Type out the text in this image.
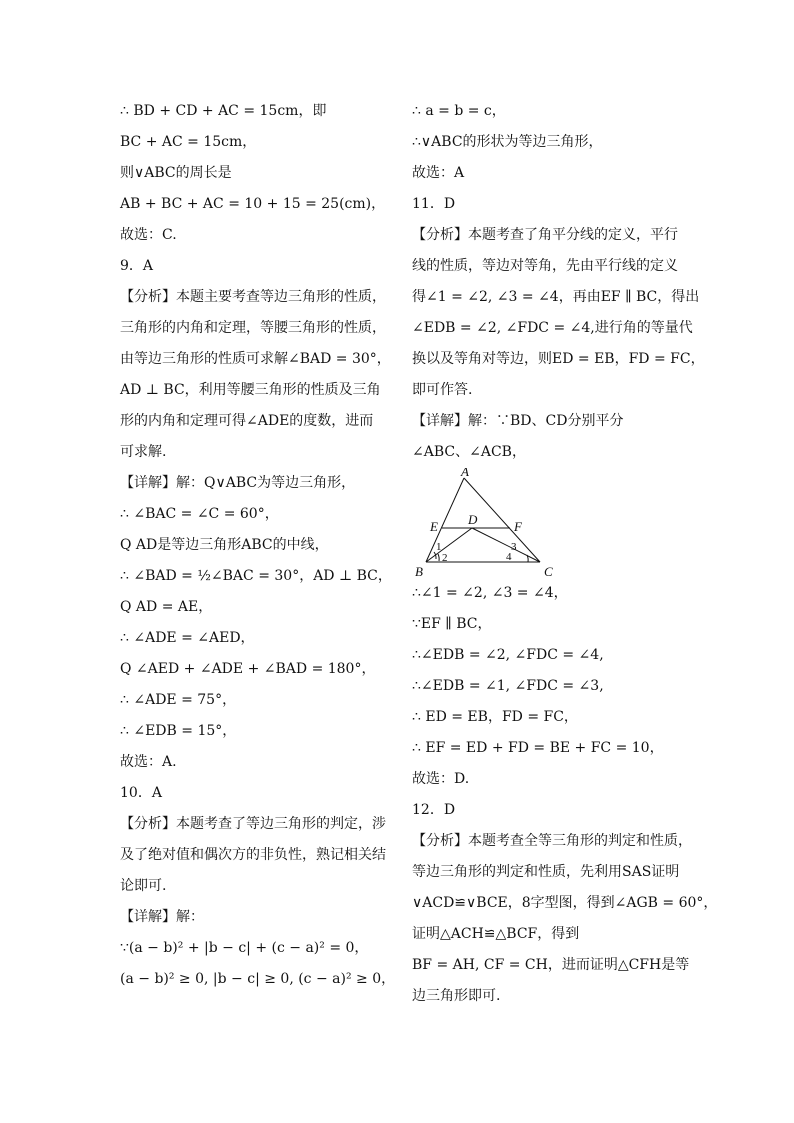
∴ BD + CD + AC = 15cm，即
BC + AC = 15cm，
则∨ABC的周长是
AB + BC + AC = 10 + 15 = 25(cm)，
故选：C.
9．A
【分析】本题主要考查等边三角形的性质，
三角形的内角和定理，等腰三角形的性质，
由等边三角形的性质可求解∠BAD = 30°，
AD ⊥ BC，利用等腰三角形的性质及三角
形的内角和定理可得∠ADE的度数，进而
可求解.
【详解】解：Q∨ABC为等边三角形，
∴ ∠BAC = ∠C = 60°，
Q AD是等边三角形ABC的中线，
∴ ∠BAD = ½∠BAC = 30°，AD ⊥ BC，
Q AD = AE，
∴ ∠ADE = ∠AED，
Q ∠AED + ∠ADE + ∠BAD = 180°，
∴ ∠ADE = 75°，
∴ ∠EDB = 15°，
故选：A.
10．A
【分析】本题考查了等边三角形的判定，涉
及了绝对值和偶次方的非负性，熟记相关结
论即可.
【详解】解：
∵(a − b)² + |b − c| + (c − a)² = 0，
(a − b)² ≥ 0, |b − c| ≥ 0, (c − a)² ≥ 0，
∴ a = b = c，
∴∨ABC的形状为等边三角形，
故选：A
11．D
【分析】本题考查了角平分线的定义，平行
线的性质，等边对等角，先由平行线的定义
得∠1 = ∠2, ∠3 = ∠4，再由EF ∥ BC，得出
∠EDB = ∠2, ∠FDC = ∠4,进行角的等量代
换以及等角对等边，则ED = EB，FD = FC，
即可作答.
【详解】解：∵BD、CD分别平分
∠ABC、∠ACB，
A
B	C
D
E	F
1
2
3
4
∴∠1 = ∠2, ∠3 = ∠4，
∵EF ∥ BC，
∴∠EDB = ∠2, ∠FDC = ∠4,
∴∠EDB = ∠1, ∠FDC = ∠3,
∴ ED = EB，FD = FC，
∴ EF = ED + FD = BE + FC = 10，
故选：D.
12．D
【分析】本题考查全等三角形的判定和性质，
等边三角形的判定和性质，先利用SAS证明
∨ACD≌∨BCE，8字型图，得到∠AGB = 60°，
证明△ACH≌△BCF，得到
BF = AH, CF = CH，进而证明△CFH是等
边三角形即可.
